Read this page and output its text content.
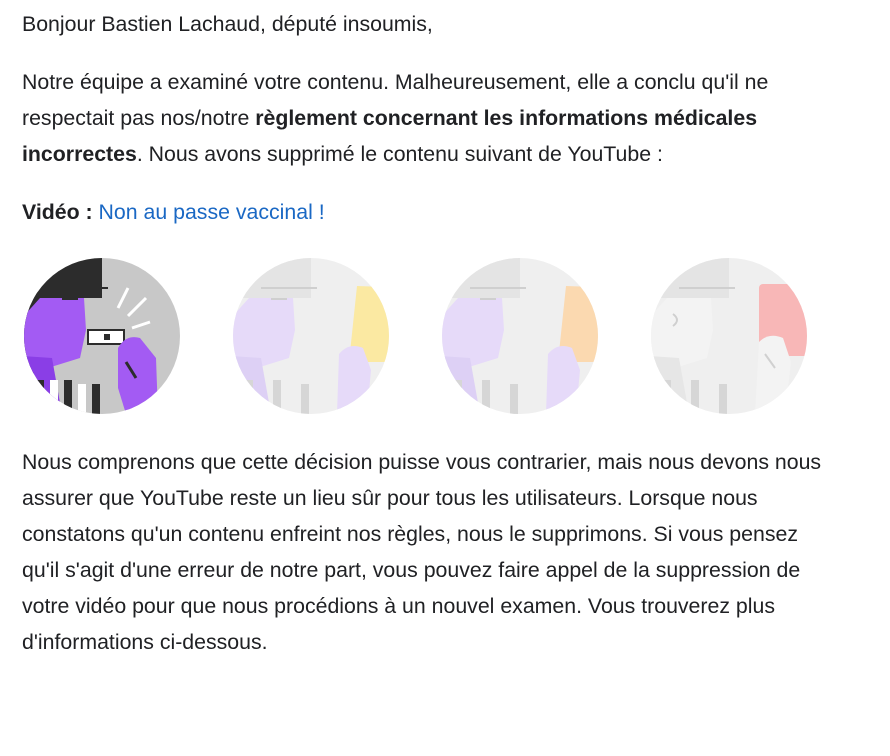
Bonjour Bastien Lachaud, député insoumis,

Notre équipe a examiné votre contenu. Malheureusement, elle a conclu qu'il ne respectait pas nos/notre règlement concernant les informations médicales incorrectes. Nous avons supprimé le contenu suivant de YouTube :

Vidéo : Non au passe vaccinal !

Nous comprenons que cette décision puisse vous contrarier, mais nous devons nous assurer que YouTube reste un lieu sûr pour tous les utilisateurs. Lorsque nous constatons qu'un contenu enfreint nos règles, nous le supprimons. Si vous pensez qu'il s'agit d'une erreur de notre part, vous pouvez faire appel de la suppression de votre vidéo pour que nous procédions à un nouvel examen. Vous trouverez plus d'informations ci-dessous.
